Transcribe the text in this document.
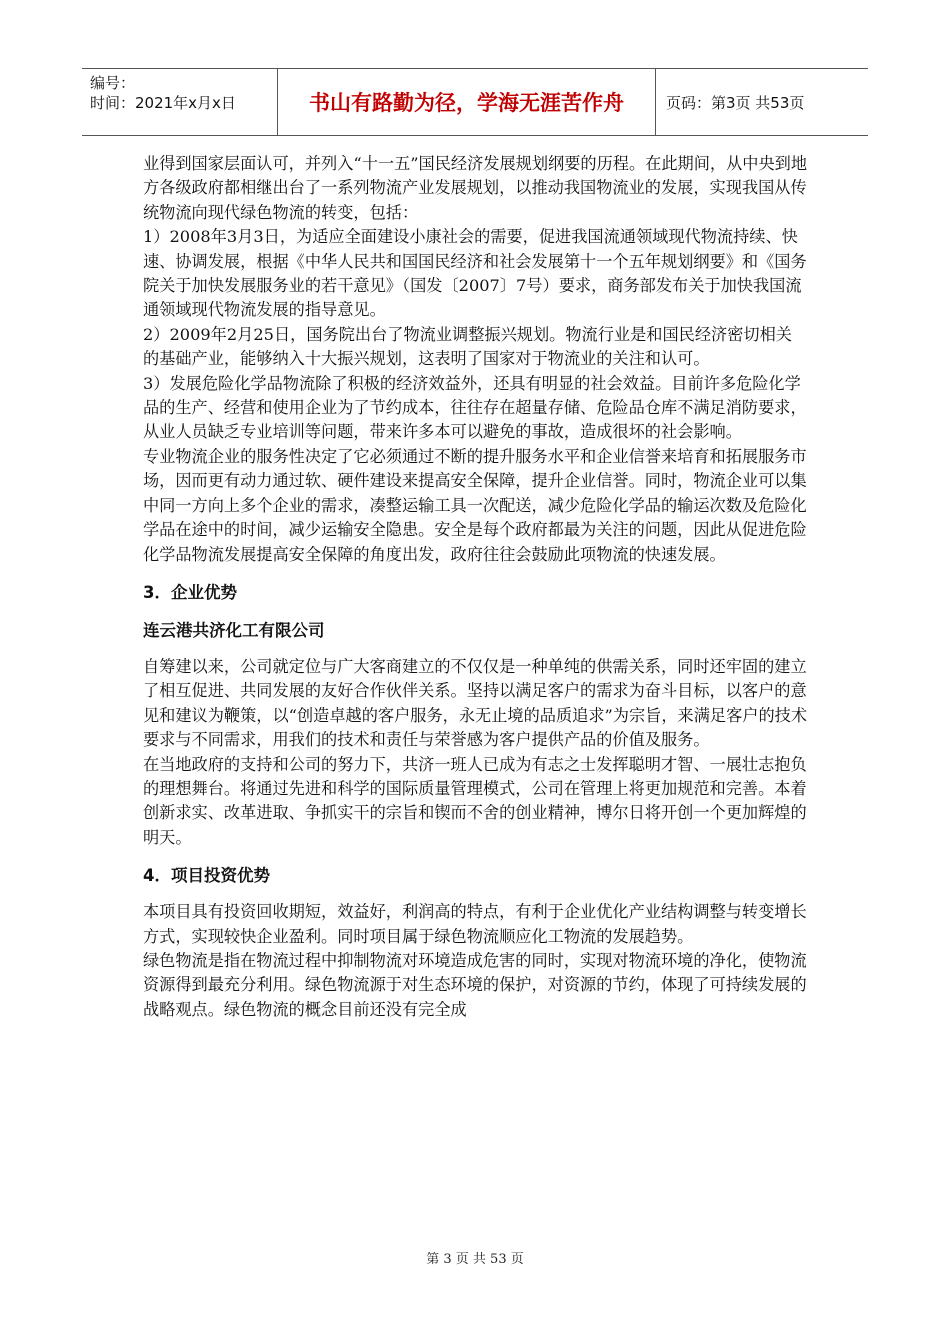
编号：
时间：2021年x月x日	书山有路勤为径，学海无涯苦作舟	页码：第3页 共53页

业得到国家层面认可，并列入“十一五”国民经济发展规划纲要的历程。在此期间，从中央到地方各级政府都相继出台了一系列物流产业发展规划，以推动我国物流业的发展，实现我国从传统物流向现代绿色物流的转变，包括：

1）2008年3月3日，为适应全面建设小康社会的需要，促进我国流通领域现代物流持续、快速、协调发展，根据《中华人民共和国国民经济和社会发展第十一个五年规划纲要》和《国务院关于加快发展服务业的若干意见》（国发〔2007〕7号）要求，商务部发布关于加快我国流通领域现代物流发展的指导意见。

2）2009年2月25日，国务院出台了物流业调整振兴规划。物流行业是和国民经济密切相关的基础产业，能够纳入十大振兴规划，这表明了国家对于物流业的关注和认可。

3）发展危险化学品物流除了积极的经济效益外，还具有明显的社会效益。目前许多危险化学品的生产、经营和使用企业为了节约成本，往往存在超量存储、危险品仓库不满足消防要求，从业人员缺乏专业培训等问题，带来许多本可以避免的事故，造成很坏的社会影响。

专业物流企业的服务性决定了它必须通过不断的提升服务水平和企业信誉来培育和拓展服务市场，因而更有动力通过软、硬件建设来提高安全保障，提升企业信誉。同时，物流企业可以集中同一方向上多个企业的需求，凑整运输工具一次配送，减少危险化学品的输运次数及危险化学品在途中的时间，减少运输安全隐患。安全是每个政府都最为关注的问题，因此从促进危险化学品物流发展提高安全保障的角度出发，政府往往会鼓励此项物流的快速发展。

3．企业优势
连云港共济化工有限公司

自筹建以来，公司就定位与广大客商建立的不仅仅是一种单纯的供需关系，同时还牢固的建立了相互促进、共同发展的友好合作伙伴关系。坚持以满足客户的需求为奋斗目标，以客户的意见和建议为鞭策，以“创造卓越的客户服务，永无止境的品质追求”为宗旨，来满足客户的技术要求与不同需求，用我们的技术和责任与荣誉感为客户提供产品的价值及服务。

在当地政府的支持和公司的努力下，共济一班人已成为有志之士发挥聪明才智、一展壮志抱负的理想舞台。将通过先进和科学的国际质量管理模式，公司在管理上将更加规范和完善。本着创新求实、改革进取、争抓实干的宗旨和锲而不舍的创业精神，博尔日将开创一个更加辉煌的明天。

4．项目投资优势

本项目具有投资回收期短，效益好，利润高的特点，有利于企业优化产业结构调整与转变增长方式，实现较快企业盈利。同时项目属于绿色物流顺应化工物流的发展趋势。

绿色物流是指在物流过程中抑制物流对环境造成危害的同时，实现对物流环境的净化，使物流资源得到最充分利用。绿色物流源于对生态环境的保护，对资源的节约，体现了可持续发展的战略观点。绿色物流的概念目前还没有完全成

第 3 页 共 53 页
